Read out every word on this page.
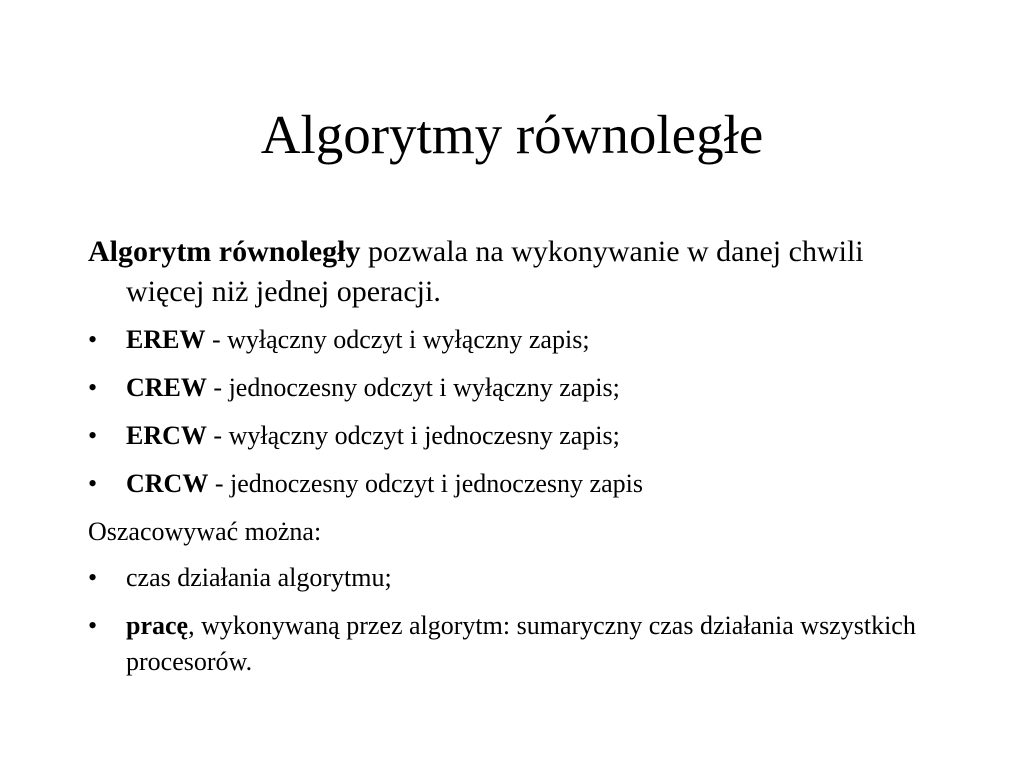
Algorytmy równoległe

Algorytm równoległy pozwala na wykonywanie w danej chwili więcej niż jednej operacji.

• EREW - wyłączny odczyt i wyłączny zapis;
• CREW - jednoczesny odczyt i wyłączny zapis;
• ERCW - wyłączny odczyt i jednoczesny zapis;
• CRCW - jednoczesny odczyt i jednoczesny zapis

Oszacowywać można:

• czas działania algorytmu;
• pracę, wykonywaną przez algorytm: sumaryczny czas działania wszystkich procesorów.
